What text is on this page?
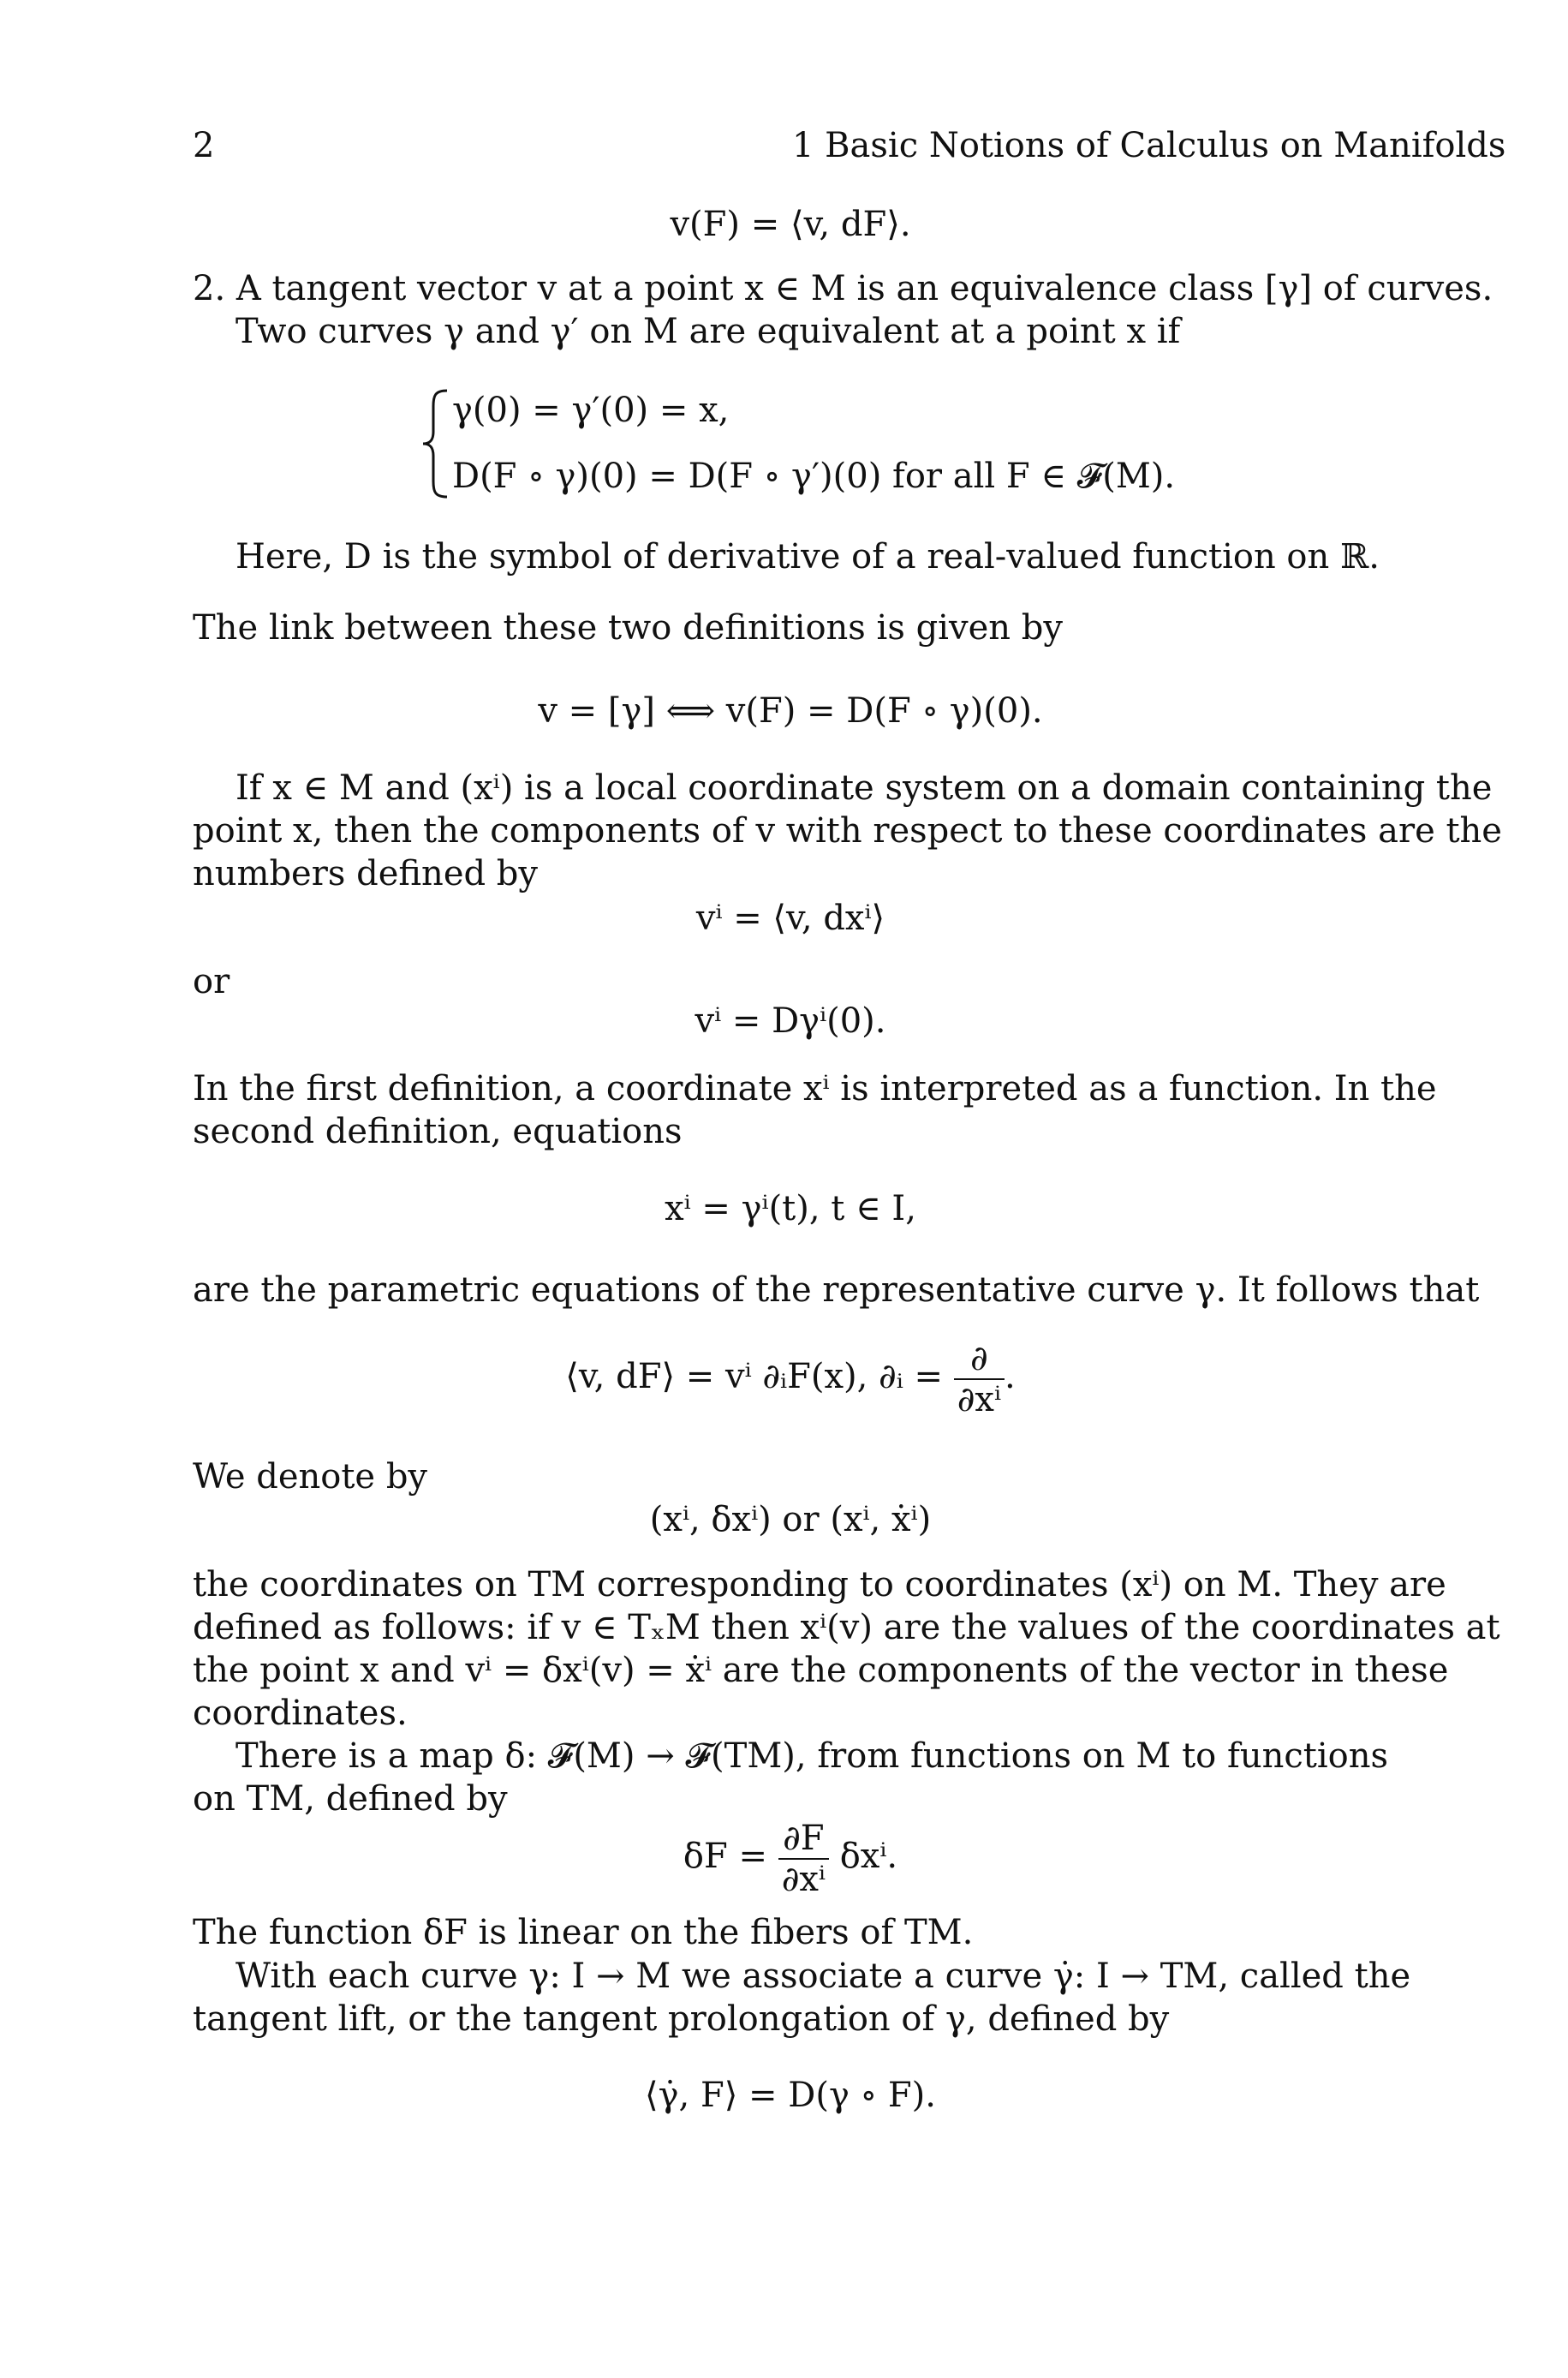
2	1 Basic Notions of Calculus on Manifolds
v(F) = ⟨v, dF⟩.
2. A tangent vector v at a point x ∈ M is an equivalence class [γ] of curves.
Two curves γ and γ′ on M are equivalent at a point x if
γ(0) = γ′(0) = x,
D(F ∘ γ)(0) = D(F ∘ γ′)(0) for all F ∈ 𝓕(M).
Here, D is the symbol of derivative of a real-valued function on ℝ.
The link between these two definitions is given by
v = [γ] ⟺ v(F) = D(F ∘ γ)(0).
If x ∈ M and (xⁱ) is a local coordinate system on a domain containing the
point x, then the components of v with respect to these coordinates are the
numbers defined by
vⁱ = ⟨v, dxⁱ⟩
or
vⁱ = Dγⁱ(0).
In the first definition, a coordinate xⁱ is interpreted as a function. In the
second definition, equations
xⁱ = γⁱ(t), t ∈ I,
are the parametric equations of the representative curve γ. It follows that
⟨v, dF⟩ = vⁱ ∂ᵢF(x), ∂ᵢ = $\frac{\partial}{\text{∂xⁱ}}$ .
We denote by
(xⁱ, δxⁱ) or (xⁱ, ẋⁱ)
the coordinates on TM corresponding to coordinates (xⁱ) on M. They are
defined as follows: if v ∈ TₓM then xⁱ(v) are the values of the coordinates at
the point x and vⁱ = δxⁱ(v) = ẋⁱ are the components of the vector in these
coordinates.
There is a map δ: 𝓕(M) → 𝓕(TM), from functions on M to functions
on TM, defined by
$\delta F = \frac{\partial F}{\text{∂xⁱ}} \delta x^i$.
The function δF is linear on the fibers of TM.
With each curve γ: I → M we associate a curve γ̇: I → TM, called the
tangent lift, or the tangent prolongation of γ, defined by
⟨γ̇, F⟩ = D(γ ∘ F).
